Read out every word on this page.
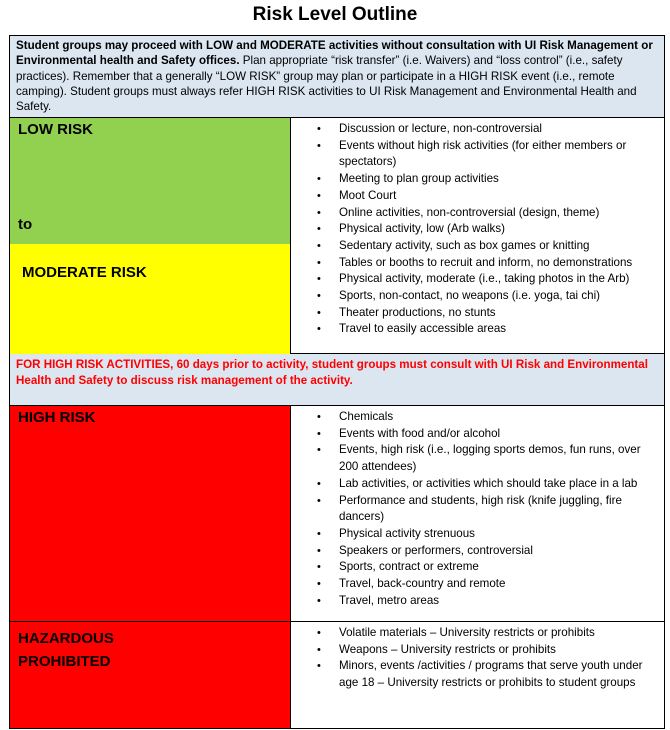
Risk Level Outline
Student groups may proceed with LOW and MODERATE activities without consultation with UI Risk Management or Environmental health and Safety offices. Plan appropriate “risk transfer” (i.e. Waivers) and “loss control” (i.e., safety practices). Remember that a generally “LOW RISK” group may plan or participate in a HIGH RISK event (i.e., remote camping). Student groups must always refer HIGH RISK activities to UI Risk Management and Environmental Health and Safety.
LOW RISK
to
MODERATE RISK
• Discussion or lecture, non-controversial
• Events without high risk activities (for either members or spectators)
• Meeting to plan group activities
• Moot Court
• Online activities, non-controversial (design, theme)
• Physical activity, low (Arb walks)
• Sedentary activity, such as box games or knitting
• Tables or booths to recruit and inform, no demonstrations
• Physical activity, moderate (i.e., taking photos in the Arb)
• Sports, non-contact, no weapons (i.e. yoga, tai chi)
• Theater productions, no stunts
• Travel to easily accessible areas
FOR HIGH RISK ACTIVITIES, 60 days prior to activity, student groups must consult with UI Risk and Environmental Health and Safety to discuss risk management of the activity.
HIGH RISK
•	Chemicals
• Events with food and/or alcohol
• Events, high risk (i.e., logging sports demos, fun runs, over 200 attendees)
• Lab activities, or activities which should take place in a lab
• Performance and students, high risk (knife juggling, fire dancers)
• Physical activity strenuous
• Speakers or performers, controversial
• Sports, contract or extreme
• Travel, back-country and remote
• Travel, metro areas
HAZARDOUS
PROHIBITED
• Volatile materials – University restricts or prohibits
• Weapons – University restricts or prohibits
• Minors, events /activities / programs that serve youth under age 18 – University restricts or prohibits to student groups
